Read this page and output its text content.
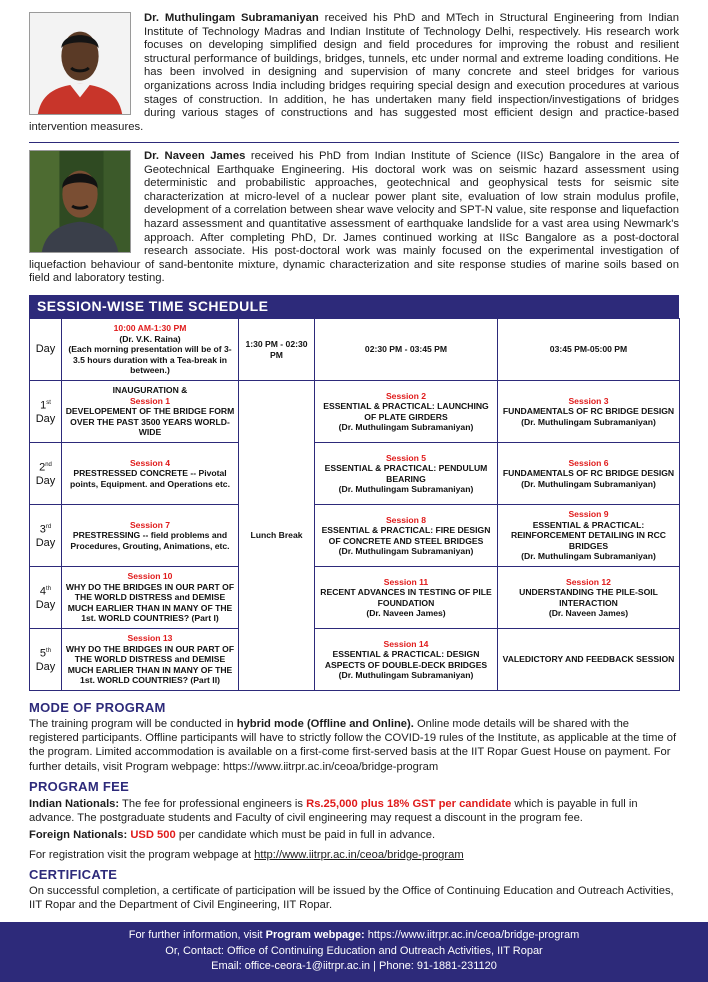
Dr. Muthulingam Subramaniyan received his PhD and MTech in Structural Engineering from Indian Institute of Technology Madras and Indian Institute of Technology Delhi, respectively. His research work focuses on developing simplified design and field procedures for improving the robust and resilient structural performance of buildings, bridges, tunnels, etc under normal and extreme loading conditions. He has been involved in designing and supervision of many concrete and steel bridges for various organizations across India including bridges requiring special design and execution procedures at various stages of construction. In addition, he has undertaken many field inspection/investigations of bridges during various stages of constructions and has suggested most efficient design and practice-based intervention measures.
Dr. Naveen James received his PhD from Indian Institute of Science (IISc) Bangalore in the area of Geotechnical Earthquake Engineering. His doctoral work was on seismic hazard assessment using deterministic and probabilistic approaches, geotechnical and geophysical tests for seismic site characterization at micro-level of a nuclear power plant site, evaluation of low strain modulus profile, development of a correlation between shear wave velocity and SPT-N value, site response and liquefaction hazard assessment and quantitative assessment of earthquake landslide for a vast area using Newmark's approach. After completing PhD, Dr. James continued working at IISc Bangalore as a post-doctoral research associate. His post-doctoral work was mainly focused on the experimental investigation of liquefaction behaviour of sand-bentonite mixture, dynamic characterization and site response studies of marine soils based on field and laboratory testing.
SESSION-WISE TIME SCHEDULE
Day	10:00 AM-1:30 PM
(Dr. V.K. Raina)
(Each morning presentation will be of 3-3.5 hours duration with a Tea-break in between.)	1:30 PM - 02:30 PM	02:30 PM - 03:45 PM	03:45 PM-05:00 PM
1st
Day	INAUGURATION &
Session 1
DEVELOPEMENT OF THE BRIDGE FORM OVER THE PAST 3500 YEARS WORLD- WIDE	Lunch Break	Session 2
ESSENTIAL & PRACTICAL: LAUNCHING OF PLATE GIRDERS
(Dr. Muthulingam Subramaniyan)	Session 3
FUNDAMENTALS OF RC BRIDGE DESIGN
(Dr. Muthulingam Subramaniyan)

2nd
Day	Session 4
PRESTRESSED CONCRETE -- Pivotal points, Equipment. and Operations etc.		Session 5
ESSENTIAL & PRACTICAL: PENDULUM BEARING
(Dr. Muthulingam Subramaniyan)	Session 6
FUNDAMENTALS OF RC BRIDGE DESIGN
(Dr. Muthulingam Subramaniyan)

3rd
Day	Session 7
PRESTRESSING -- field problems and Procedures, Grouting, Animations, etc.		Session 8
ESSENTIAL & PRACTICAL: FIRE DESIGN OF CONCRETE AND STEEL BRIDGES
(Dr. Muthulingam Subramaniyan)	Session 9
ESSENTIAL & PRACTICAL: REINFORCEMENT DETAILING IN RCC BRIDGES
(Dr. Muthulingam Subramaniyan)

4th
Day	Session 10
WHY DO THE BRIDGES IN OUR PART OF THE WORLD DISTRESS and DEMISE MUCH EARLIER THAN IN MANY OF THE 1st. WORLD COUNTRIES? (Part I)		Session 11
RECENT ADVANCES IN TESTING OF PILE FOUNDATION
(Dr. Naveen James)	Session 12
UNDERSTANDING THE PILE-SOIL INTERACTION
(Dr. Naveen James)

5th
Day	Session 13
WHY DO THE BRIDGES IN OUR PART OF THE WORLD DISTRESS and DEMISE MUCH EARLIER THAN IN MANY OF THE 1st. WORLD COUNTRIES? (Part II)		Session 14
ESSENTIAL & PRACTICAL: DESIGN ASPECTS OF DOUBLE-DECK BRIDGES
(Dr. Muthulingam Subramaniyan)	VALEDICTORY AND FEEDBACK SESSION
MODE OF PROGRAM
The training program will be conducted in hybrid mode (Offline and Online). Online mode details will be shared with the registered participants. Offline participants will have to strictly follow the COVID-19 rules of the Institute, as applicable at the time of the program. Limited accommodation is available on a first-come first-served basis at the IIT Ropar Guest House on payment. For further details, visit Program webpage: https://www.iitrpr.ac.in/ceoa/bridge-program
PROGRAM FEE
Indian Nationals: The fee for professional engineers is Rs.25,000 plus 18% GST per candidate which is payable in full in advance. The postgraduate students and Faculty of civil engineering may request a discount in the program fee.
Foreign Nationals: USD 500 per candidate which must be paid in full in advance.
For registration visit the program webpage at http://www.iitrpr.ac.in/ceoa/bridge-program
CERTIFICATE
On successful completion, a certificate of participation will be issued by the Office of Continuing Education and Outreach Activities, IIT Ropar and the Department of Civil Engineering, IIT Ropar.
For further information, visit Program webpage: https://www.iitrpr.ac.in/ceoa/bridge-program
Or, Contact: Office of Continuing Education and Outreach Activities, IIT Ropar
Email: office-ceora-1@iitrpr.ac.in | Phone: 91-1881-231120
